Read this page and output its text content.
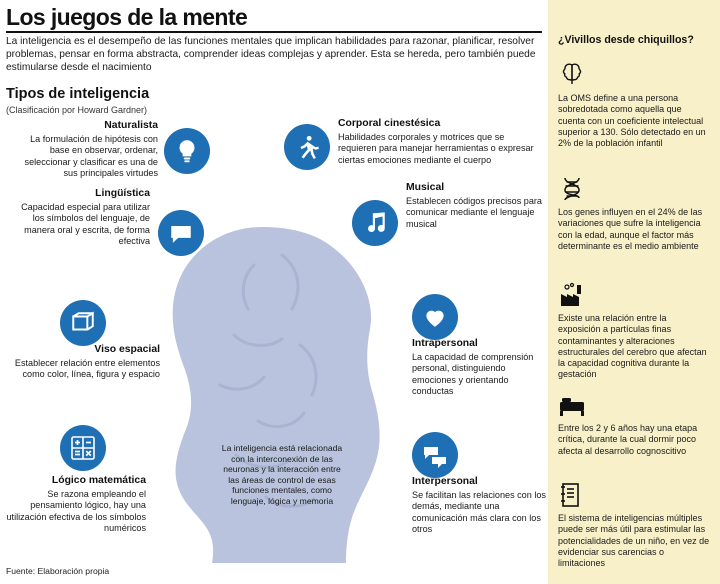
Los juegos de la mente
La inteligencia es el desempeño de las funciones mentales que implican habilidades para razonar, planificar, resolver problemas, pensar en forma abstracta, comprender ideas complejas y aprender. Esta se hereda, pero también puede estimularse desde el nacimiento
Tipos de inteligencia
(Clasificación por Howard Gardner)
La inteligencia está relacionada con la interconexión de las neuronas y la interacción entre las áreas de control de esas funciones mentales, como lenguaje, lógica y memoria
Naturalista
La formulación de hipótesis con base en observar, ordenar, seleccionar y clasificar es una de sus principales virtudes
Corporal cinestésica
Habilidades corporales y motrices que se requieren para manejar herramientas o expresar ciertas emociones mediante el cuerpo
Lingüística
Capacidad especial para utilizar los símbolos del lenguaje, de manera oral y escrita, de forma efectiva
Musical
Establecen códigos precisos para comunicar mediante el lenguaje musical
Viso espacial
Establecer relación entre elementos como color, línea, figura y espacio
Intrapersonal
La capacidad de comprensión personal, distinguiendo emociones y orientando conductas
Lógico matemática
Se razona empleando el pensamiento lógico, hay una utilización efectiva de los símbolos numéricos
Interpersonal
Se facilitan las relaciones con los demás, mediante una comunicación más clara con los otros
Fuente: Elaboración propia
¿Vivillos desde chiquillos?
La OMS define a una persona sobredotada como aquella que cuenta con un coeficiente intelectual superior a 130. Sólo detectado en un 2% de la población infantil
Los genes influyen en el 24% de las variaciones que sufre la inteligencia con la edad, aunque el factor más determinante es el medio ambiente
Existe una relación entre la exposición a partículas finas contaminantes y alteraciones estructurales del cerebro que afectan la capacidad cognitiva durante la gestación
Entre los 2 y 6 años hay una etapa crítica, durante la cual dormir poco afecta al desarrollo cognoscitivo
El sistema de inteligencias múltiples puede ser más útil para estimular las potencialidades de un niño, en vez de evidenciar sus carencias o limitaciones
